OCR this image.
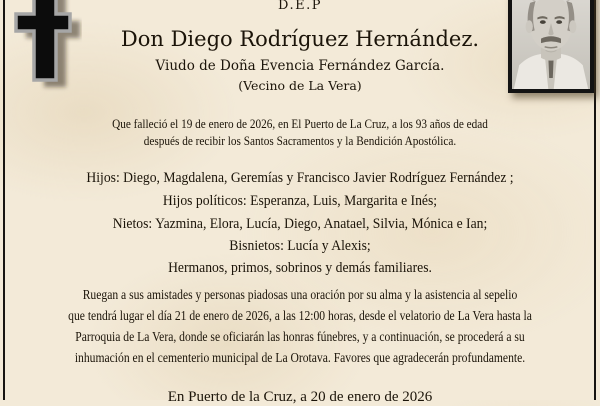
D.E.P
Don Diego Rodríguez Hernández.
Viudo de Doña Evencia Fernández García.
(Vecino de La Vera)
Que falleció el 19 de enero de 2026, en El Puerto de La Cruz, a los 93 años de edad
después de recibir los Santos Sacramentos y la Bendición Apostólica.
Hijos: Diego, Magdalena, Geremías y Francisco Javier Rodríguez Fernández ;
Hijos políticos: Esperanza, Luis, Margarita e Inés;
Nietos: Yazmina, Elora, Lucía, Diego, Anatael, Silvia, Mónica e Ian;
Bisnietos: Lucía y Alexis;
Hermanos, primos, sobrinos y demás familiares.
Ruegan a sus amistades y personas piadosas una oración por su alma y la asistencia al sepelio
que tendrá lugar el día 21 de enero de 2026, a las 12:00 horas, desde el velatorio de La Vera hasta la
Parroquia de La Vera, donde se oficiarán las honras fúnebres, y a continuación, se procederá a su
inhumación en el cementerio municipal de La Orotava. Favores que agradecerán profundamente.
En Puerto de la Cruz, a 20 de enero de 2026
